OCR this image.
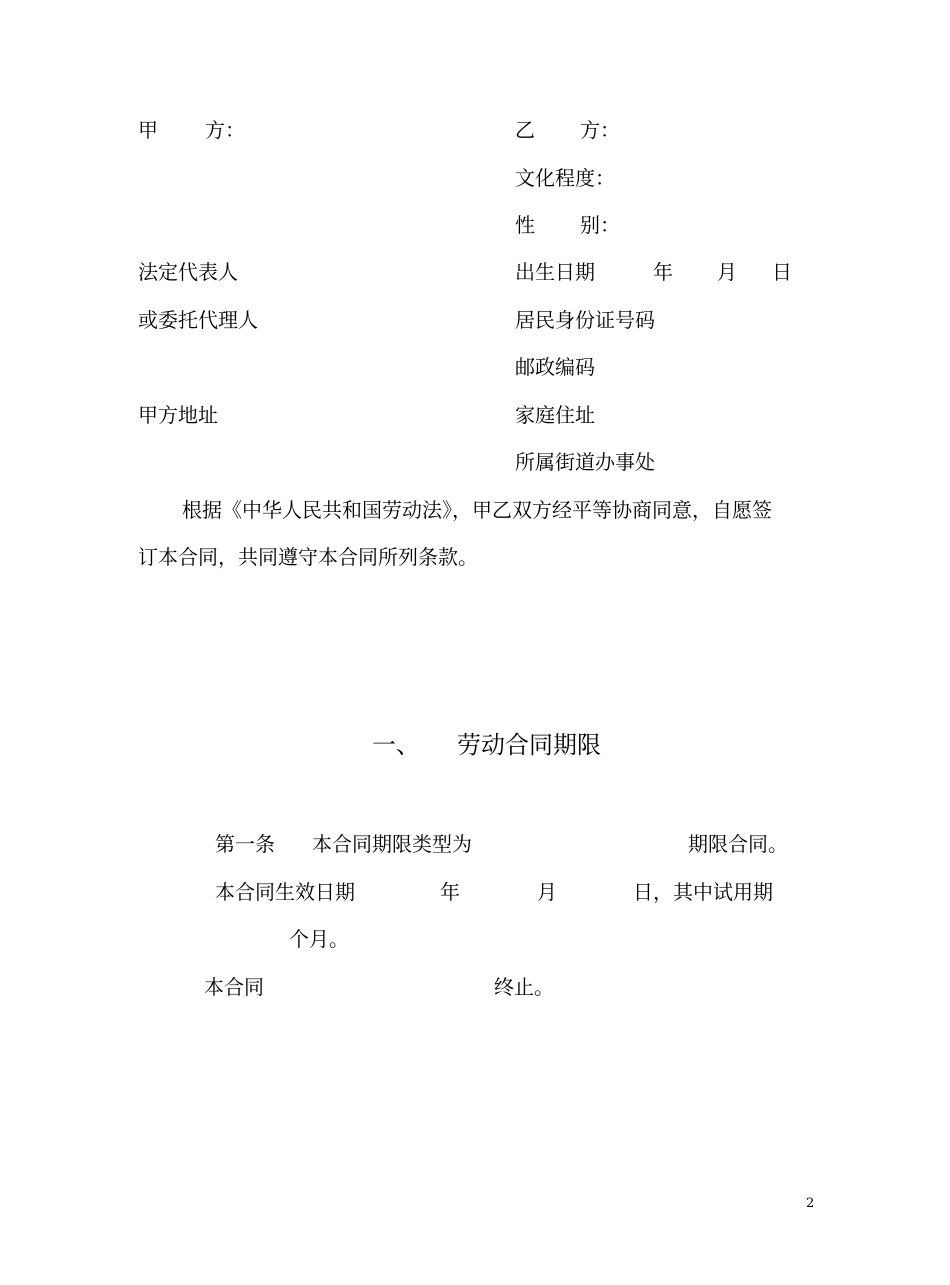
甲 方：
法定代表人
或委托代理人
甲方地址
乙 方：
文化程度：
性 别：
出生日期	年 月 日
居民身份证号码
邮政编码
家庭住址
所属街道办事处
根据《中华人民共和国劳动法》，甲乙双方经平等协商同意，自愿签
订本合同，共同遵守本合同所列条款。
一、 劳动合同期限
第一条 本合同期限类型为	期限合同。
本合同生效日期	年	月	日，其中试用期
个月。
本合同	终止。
2
